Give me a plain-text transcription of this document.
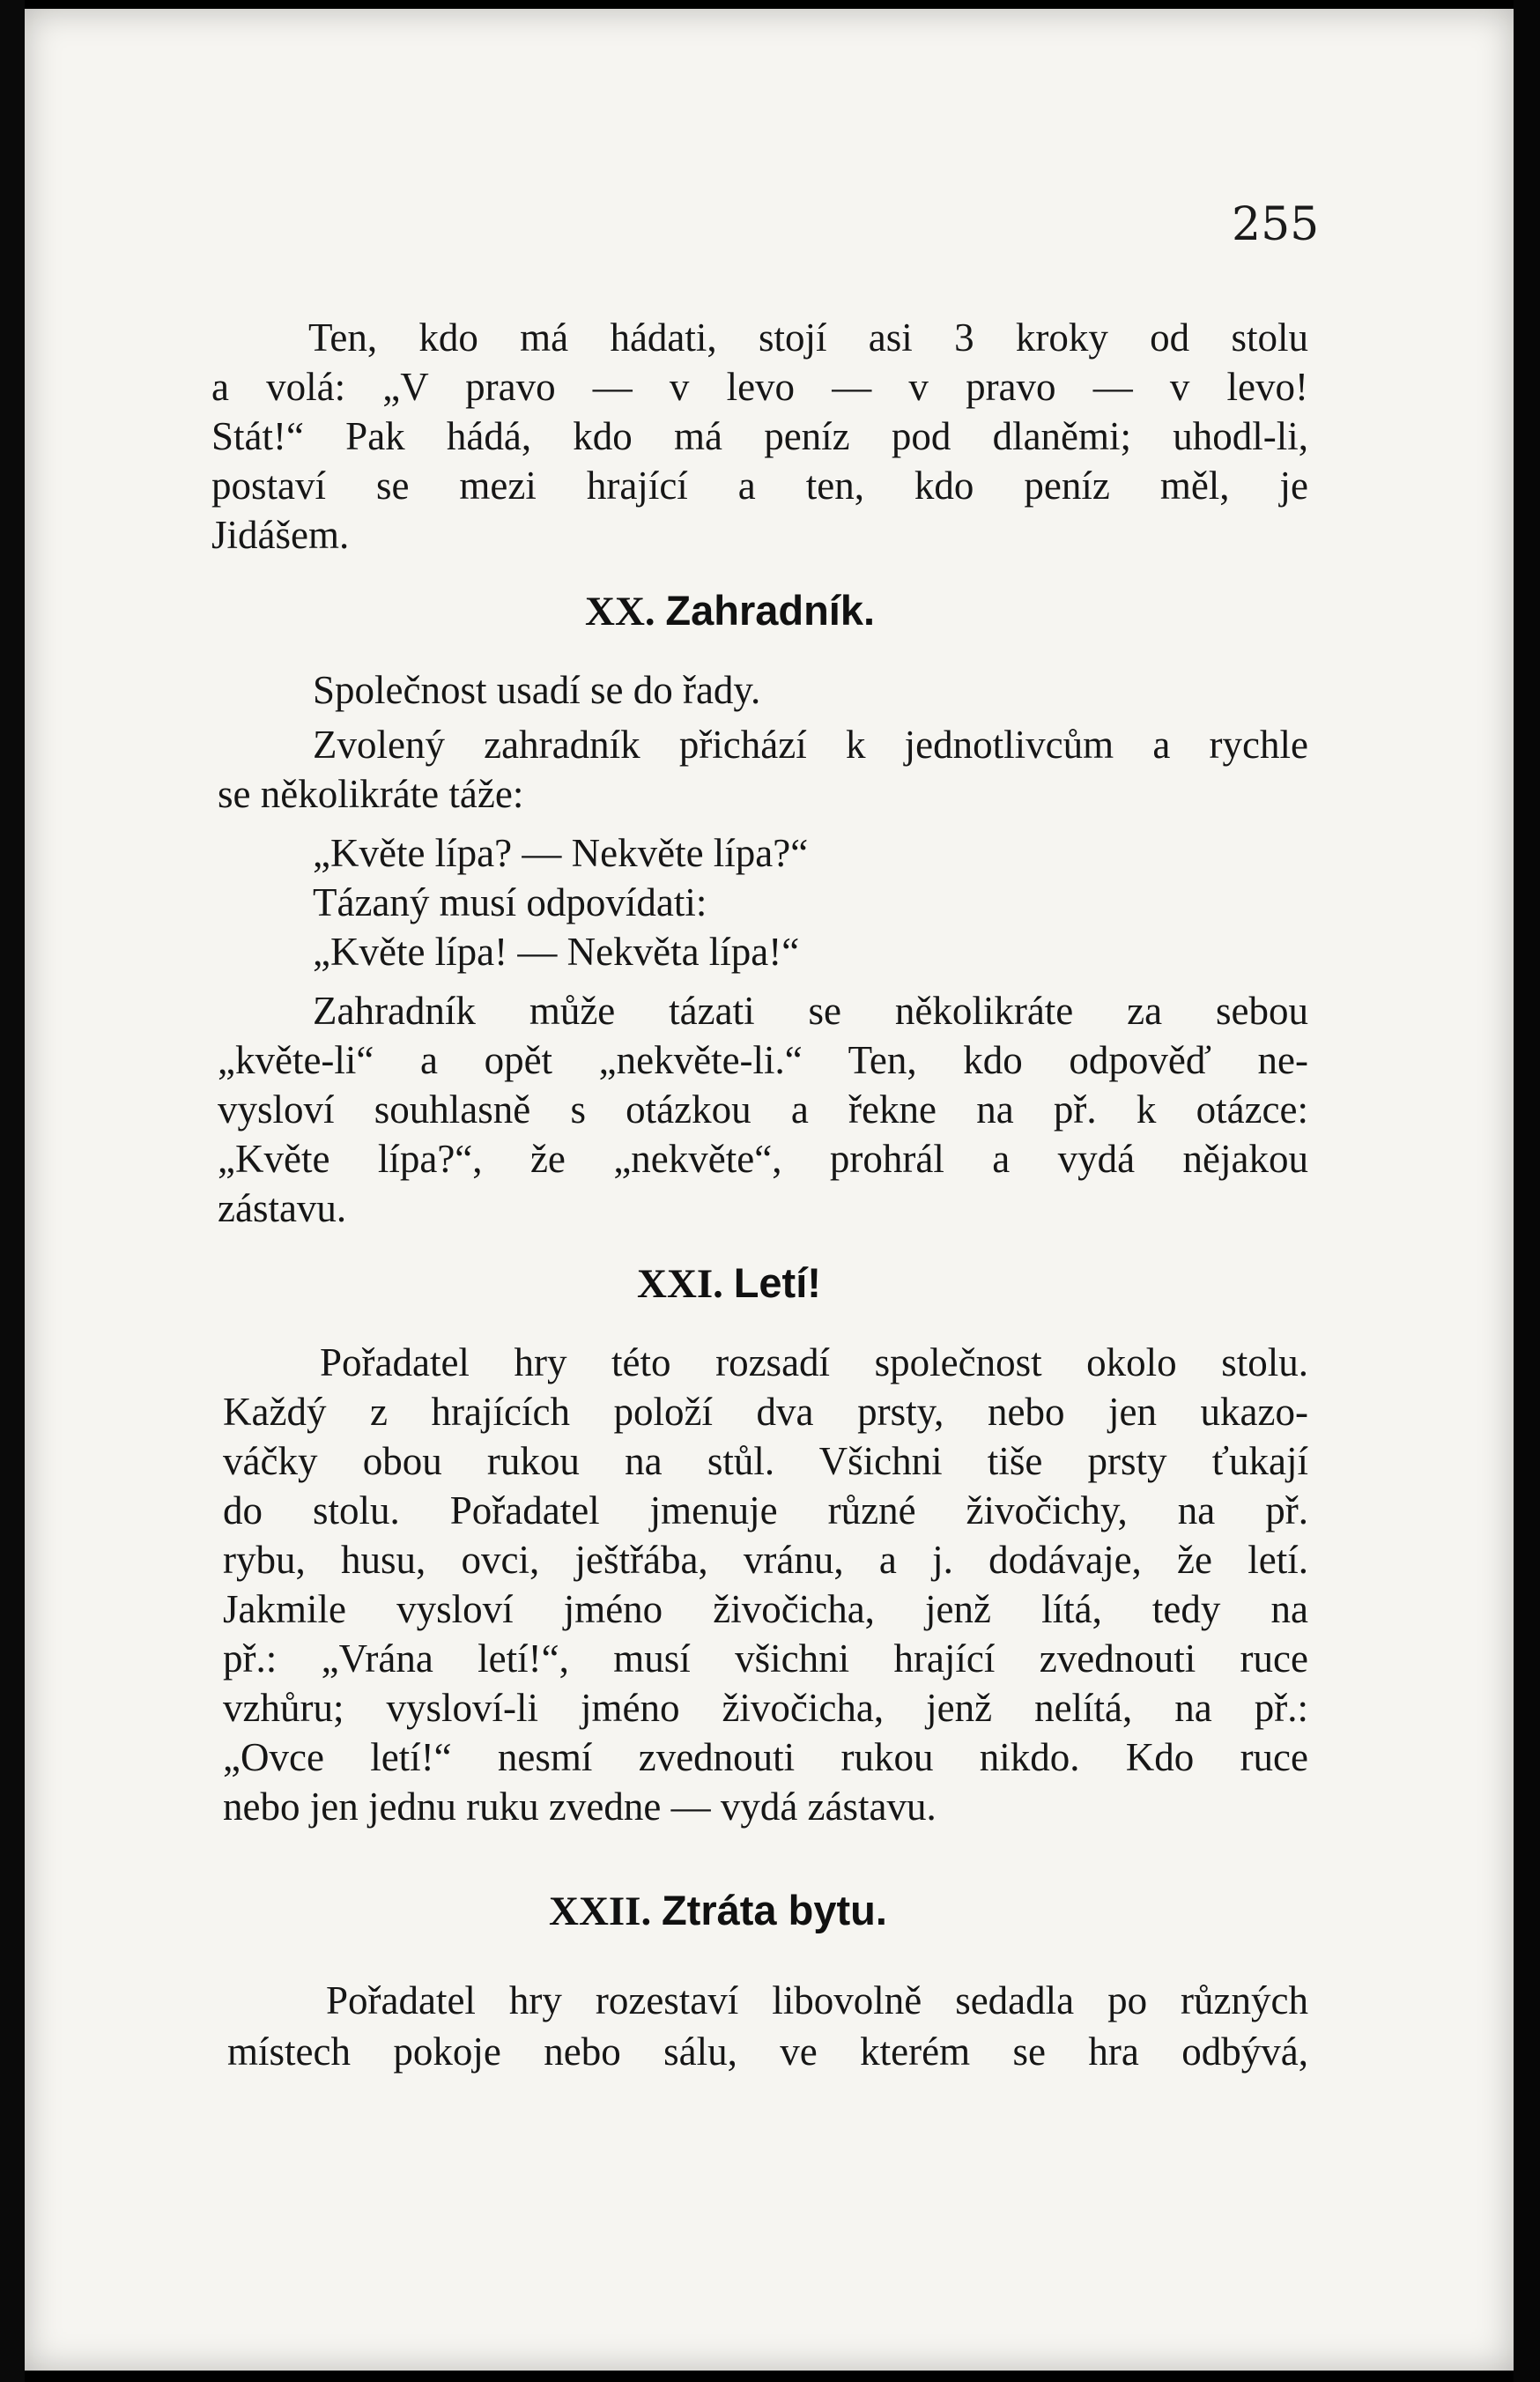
255

Ten, kdo má hádati, stojí asi 3 kroky od stolu

a volá: „V pravo — v levo — v pravo — v levo!

Stát!“ Pak hádá, kdo má peníz pod dlaněmi; uhodl-li,

postaví se mezi hrající a ten, kdo peníz měl, je

Jidášem.

XX. Zahradník.

Společnost usadí se do řady.

Zvolený zahradník přichází k jednotlivcům a rychle

se několikráte táže:

„Květe lípa? — Nekvěte lípa?“

Tázaný musí odpovídati:

„Květe lípa! — Nekvěta lípa!“

Zahradník může tázati se několikráte za sebou

„květe-li“ a opět „nekvěte-li.“ Ten, kdo odpověď ne-

vysloví souhlasně s otázkou a řekne na př. k otázce:

„Květe lípa?“, že „nekvěte“, prohrál a vydá nějakou

zástavu.

XXI. Letí!

Pořadatel hry této rozsadí společnost okolo stolu.

Každý z hrajících položí dva prsty, nebo jen ukazo-

váčky obou rukou na stůl. Všichni tiše prsty ťukají

do stolu. Pořadatel jmenuje různé živočichy, na př.

rybu, husu, ovci, ještřába, vránu, a j. dodávaje, že letí.

Jakmile vysloví jméno živočicha, jenž lítá, tedy na

př.: „Vrána letí!“, musí všichni hrající zvednouti ruce

vzhůru; vysloví-li jméno živočicha, jenž nelítá, na př.:

„Ovce letí!“ nesmí zvednouti rukou nikdo. Kdo ruce

nebo jen jednu ruku zvedne — vydá zástavu.

XXII. Ztráta bytu.

Pořadatel hry rozestaví libovolně sedadla po různých

místech pokoje nebo sálu, ve kterém se hra odbývá,
